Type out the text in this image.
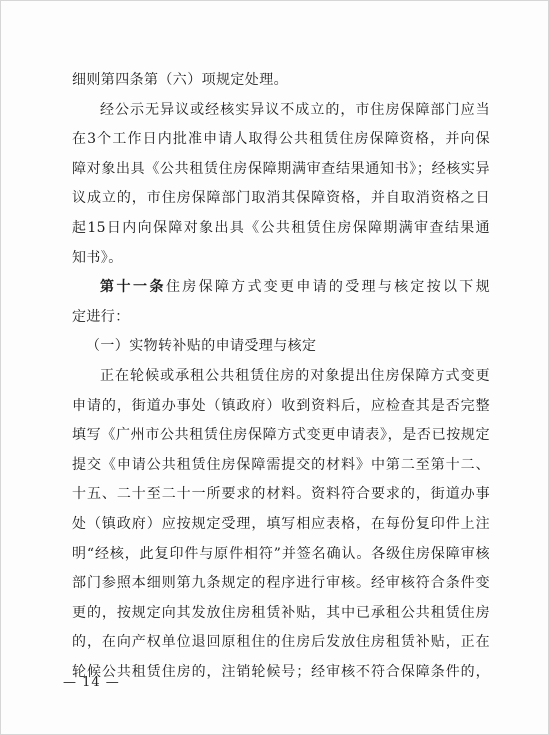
细则第四条第（六）项规定处理。
经公示无异议或经核实异议不成立的，市住房保障部门应当
在3个工作日内批准申请人取得公共租赁住房保障资格，并向保
障对象出具《公共租赁住房保障期满审查结果通知书》；经核实异
议成立的，市住房保障部门取消其保障资格，并自取消资格之日
起15日内向保障对象出具《公共租赁住房保障期满审查结果通
知书》。
第十一条住房保障方式变更申请的受理与核定按以下规
定进行：
（一）实物转补贴的申请受理与核定
正在轮候或承租公共租赁住房的对象提出住房保障方式变更
申请的，街道办事处（镇政府）收到资料后，应检查其是否完整
填写《广州市公共租赁住房保障方式变更申请表》，是否已按规定
提交《申请公共租赁住房保障需提交的材料》中第二至第十二、
十五、二十至二十一所要求的材料。资料符合要求的，街道办事
处（镇政府）应按规定受理，填写相应表格，在每份复印件上注
明“经核，此复印件与原件相符”并签名确认。各级住房保障审核
部门参照本细则第九条规定的程序进行审核。经审核符合条件变
更的，按规定向其发放住房租赁补贴，其中已承租公共租赁住房
的，在向产权单位退回原租住的住房后发放住房租赁补贴，正在
轮候公共租赁住房的，注销轮候号；经审核不符合保障条件的，
— 14 —
